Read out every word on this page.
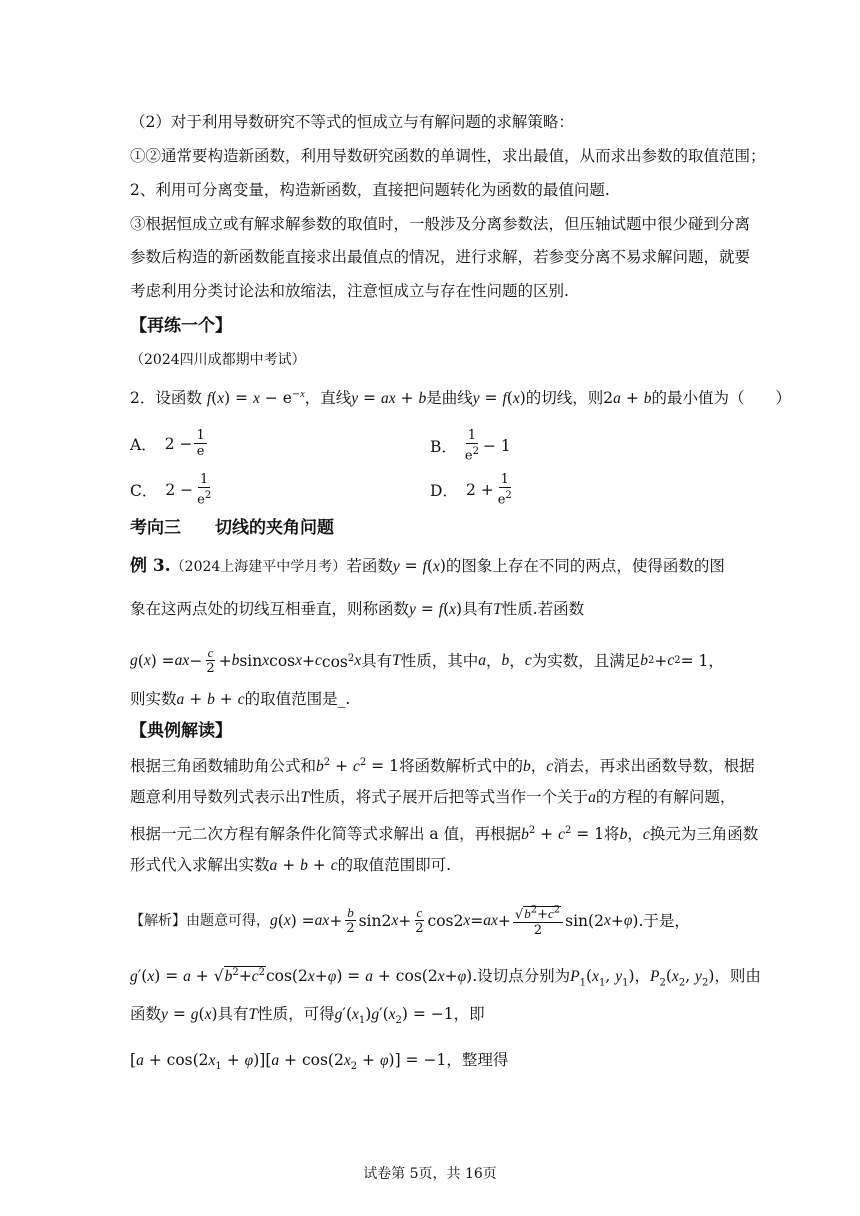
（2）对于利用导数研究不等式的恒成立与有解问题的求解策略：
①②通常要构造新函数，利用导数研究函数的单调性，求出最值，从而求出参数的取值范围；
2、利用可分离变量，构造新函数，直接把问题转化为函数的最值问题.
③根据恒成立或有解求解参数的取值时，一般涉及分离参数法，但压轴试题中很少碰到分离
参数后构造的新函数能直接求出最值点的情况，进行求解，若参变分离不易求解问题，就要
考虑利用分类讨论法和放缩法，注意恒成立与存在性问题的区别.
【再练一个】
（2024四川成都期中考试）
2．设函数 $f(x) = x - e^{-x}$，直线y = ax + b是曲线y = f(x)的切线，则2a + b的最小值为（　　）
A． $2 - \frac{1}{e}$	B． $\frac{1}{e^2} - 1$
C． $2 - \frac{1}{e^2}$	D． $2 + \frac{1}{e^2}$
考向三　　切线的夹角问题
例 3.（2024上海建平中学月考）若函数y = f(x)的图象上存在不同的两点，使得函数的图
象在这两点处的切线互相垂直，则称函数y = f(x)具有T性质.若函数
g ( x ) = ax − $\frac{c}{2} + b$ sin x cos x + c $\cos^2 x$ 具有 T 性质，其中 a ， b ， c 为实数，且满足 b 2 + c 2 = 1，
则实数a + b + c的取值范围是_.
【典例解读】
根据三角函数辅助角公式和$b^2 + c^2 = 1$将函数解析式中的b，c消去，再求出函数导数，根据
题意利用导数列式表示出T性质，将式子展开后把等式当作一个关于a的方程的有解问题，
根据一元二次方程有解条件化简等式求解出 a 值，再根据$b^2 + c^2 = 1$将b，c换元为三角函数
形式代入求解出实数a + b + c的取值范围即可.
【解析】 由题意可得， g ( x ) = ax + $\frac{b}{2} \sin 2$ $x + \frac{c}{2} \cos 2$ x = ax + $\frac{√b^2+c^2}{2} \sin(2$ x + φ ) .于是，
$g'(x) = a + √b^2+c^2\cos(2x+\varphi) = a + \cos(2x+\varphi)$.设切点分别为$P_1(x_1$, $y_1$)，$P_2(x_2$, $y_2$)，则由
函数y = g(x)具有T性质，可得$g'(x_1)g'(x_2) = -1$，即
$[a + \cos(2x_1 + \varphi)][a + \cos(2x_2 + \varphi)] = -1$，整理得
试卷第 5页，共 16页
